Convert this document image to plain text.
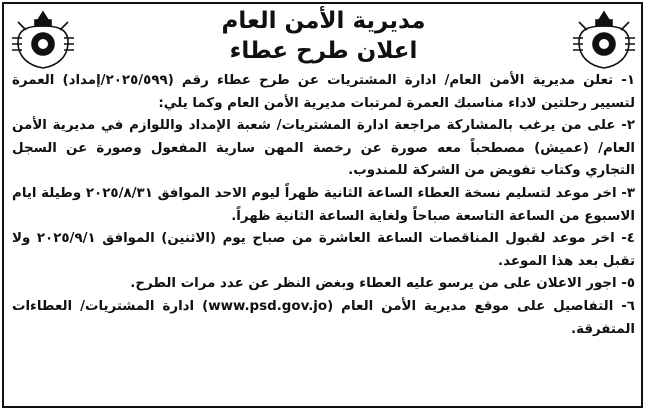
مديرية الأمن العام
اعلان طرح عطاء

١- تعلن مديرية الأمن العام/ ادارة المشتريات عن طرح عطاء رقم (٢٠٢٥/٥٩٩/إمداد) العمرة لتسيير رحلتين لاداء مناسبك العمرة لمرتبات مديرية الأمن العام وكما يلي:

٢- على من يرغب بالمشاركة مراجعة ادارة المشتريات/ شعبة الإمداد واللوازم في مديرية الأمن العام/ (عميش) مصطحباً معه صورة عن رخصة المهن سارية المفعول وصورة عن السجل التجاري وكتاب تفويض من الشركة للمندوب.

٣- اخر موعد لتسليم نسخة العطاء الساعة الثانية ظهراً ليوم الاحد الموافق ٢٠٢٥/٨/٣١ وطيلة ايام الاسبوع من الساعة التاسعة صباحاً ولغاية الساعة الثانية ظهراً.

٤- اخر موعد لقبول المناقصات الساعة العاشرة من صباح يوم (الاثنين) الموافق ٢٠٢٥/٩/١ ولا تقبل بعد هذا الموعد.

٥- اجور الاعلان على من يرسو عليه العطاء وبغض النظر عن عدد مرات الطرح.

٦- التفاصيل على موقع مديرية الأمن العام (www.psd.gov.jo) ادارة المشتريات/ العطاءات المتفرقة.
